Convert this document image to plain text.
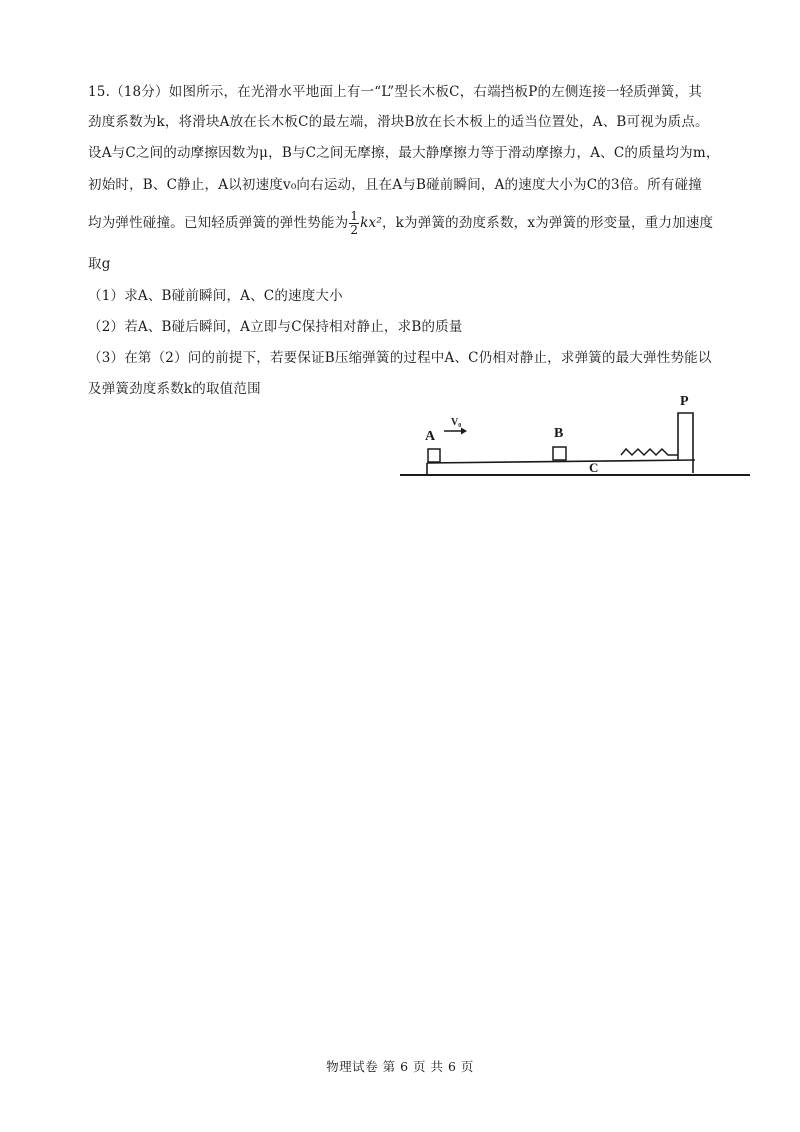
15.（18分）如图所示，在光滑水平地面上有一“L”型长木板C，右端挡板P的左侧连接一轻质弹簧，其
劲度系数为k，将滑块A放在长木板C的最左端，滑块B放在长木板上的适当位置处，A、B可视为质点。
设A与C之间的动摩擦因数为μ，B与C之间无摩擦，最大静摩擦力等于滑动摩擦力，A、C的质量均为m，
初始时，B、C静止，A以初速度v₀向右运动，且在A与B碰前瞬间，A的速度大小为C的3倍。所有碰撞
均为弹性碰撞。已知轻质弹簧的弹性势能为 $\frac{1}{2} kx^2$，k为弹簧的劲度系数，x为弹簧的形变量，重力加速度
取g
（1）求A、B碰前瞬间，A、C的速度大小
（2）若A、B碰后瞬间，A立即与C保持相对静止，求B的质量
（3）在第（2）问的前提下，若要保证B压缩弹簧的过程中A、C仍相对静止，求弹簧的最大弹性势能以
及弹簧劲度系数k的取值范围
A
V₀
B
C
P
物理试卷 第 6 页 共 6 页
